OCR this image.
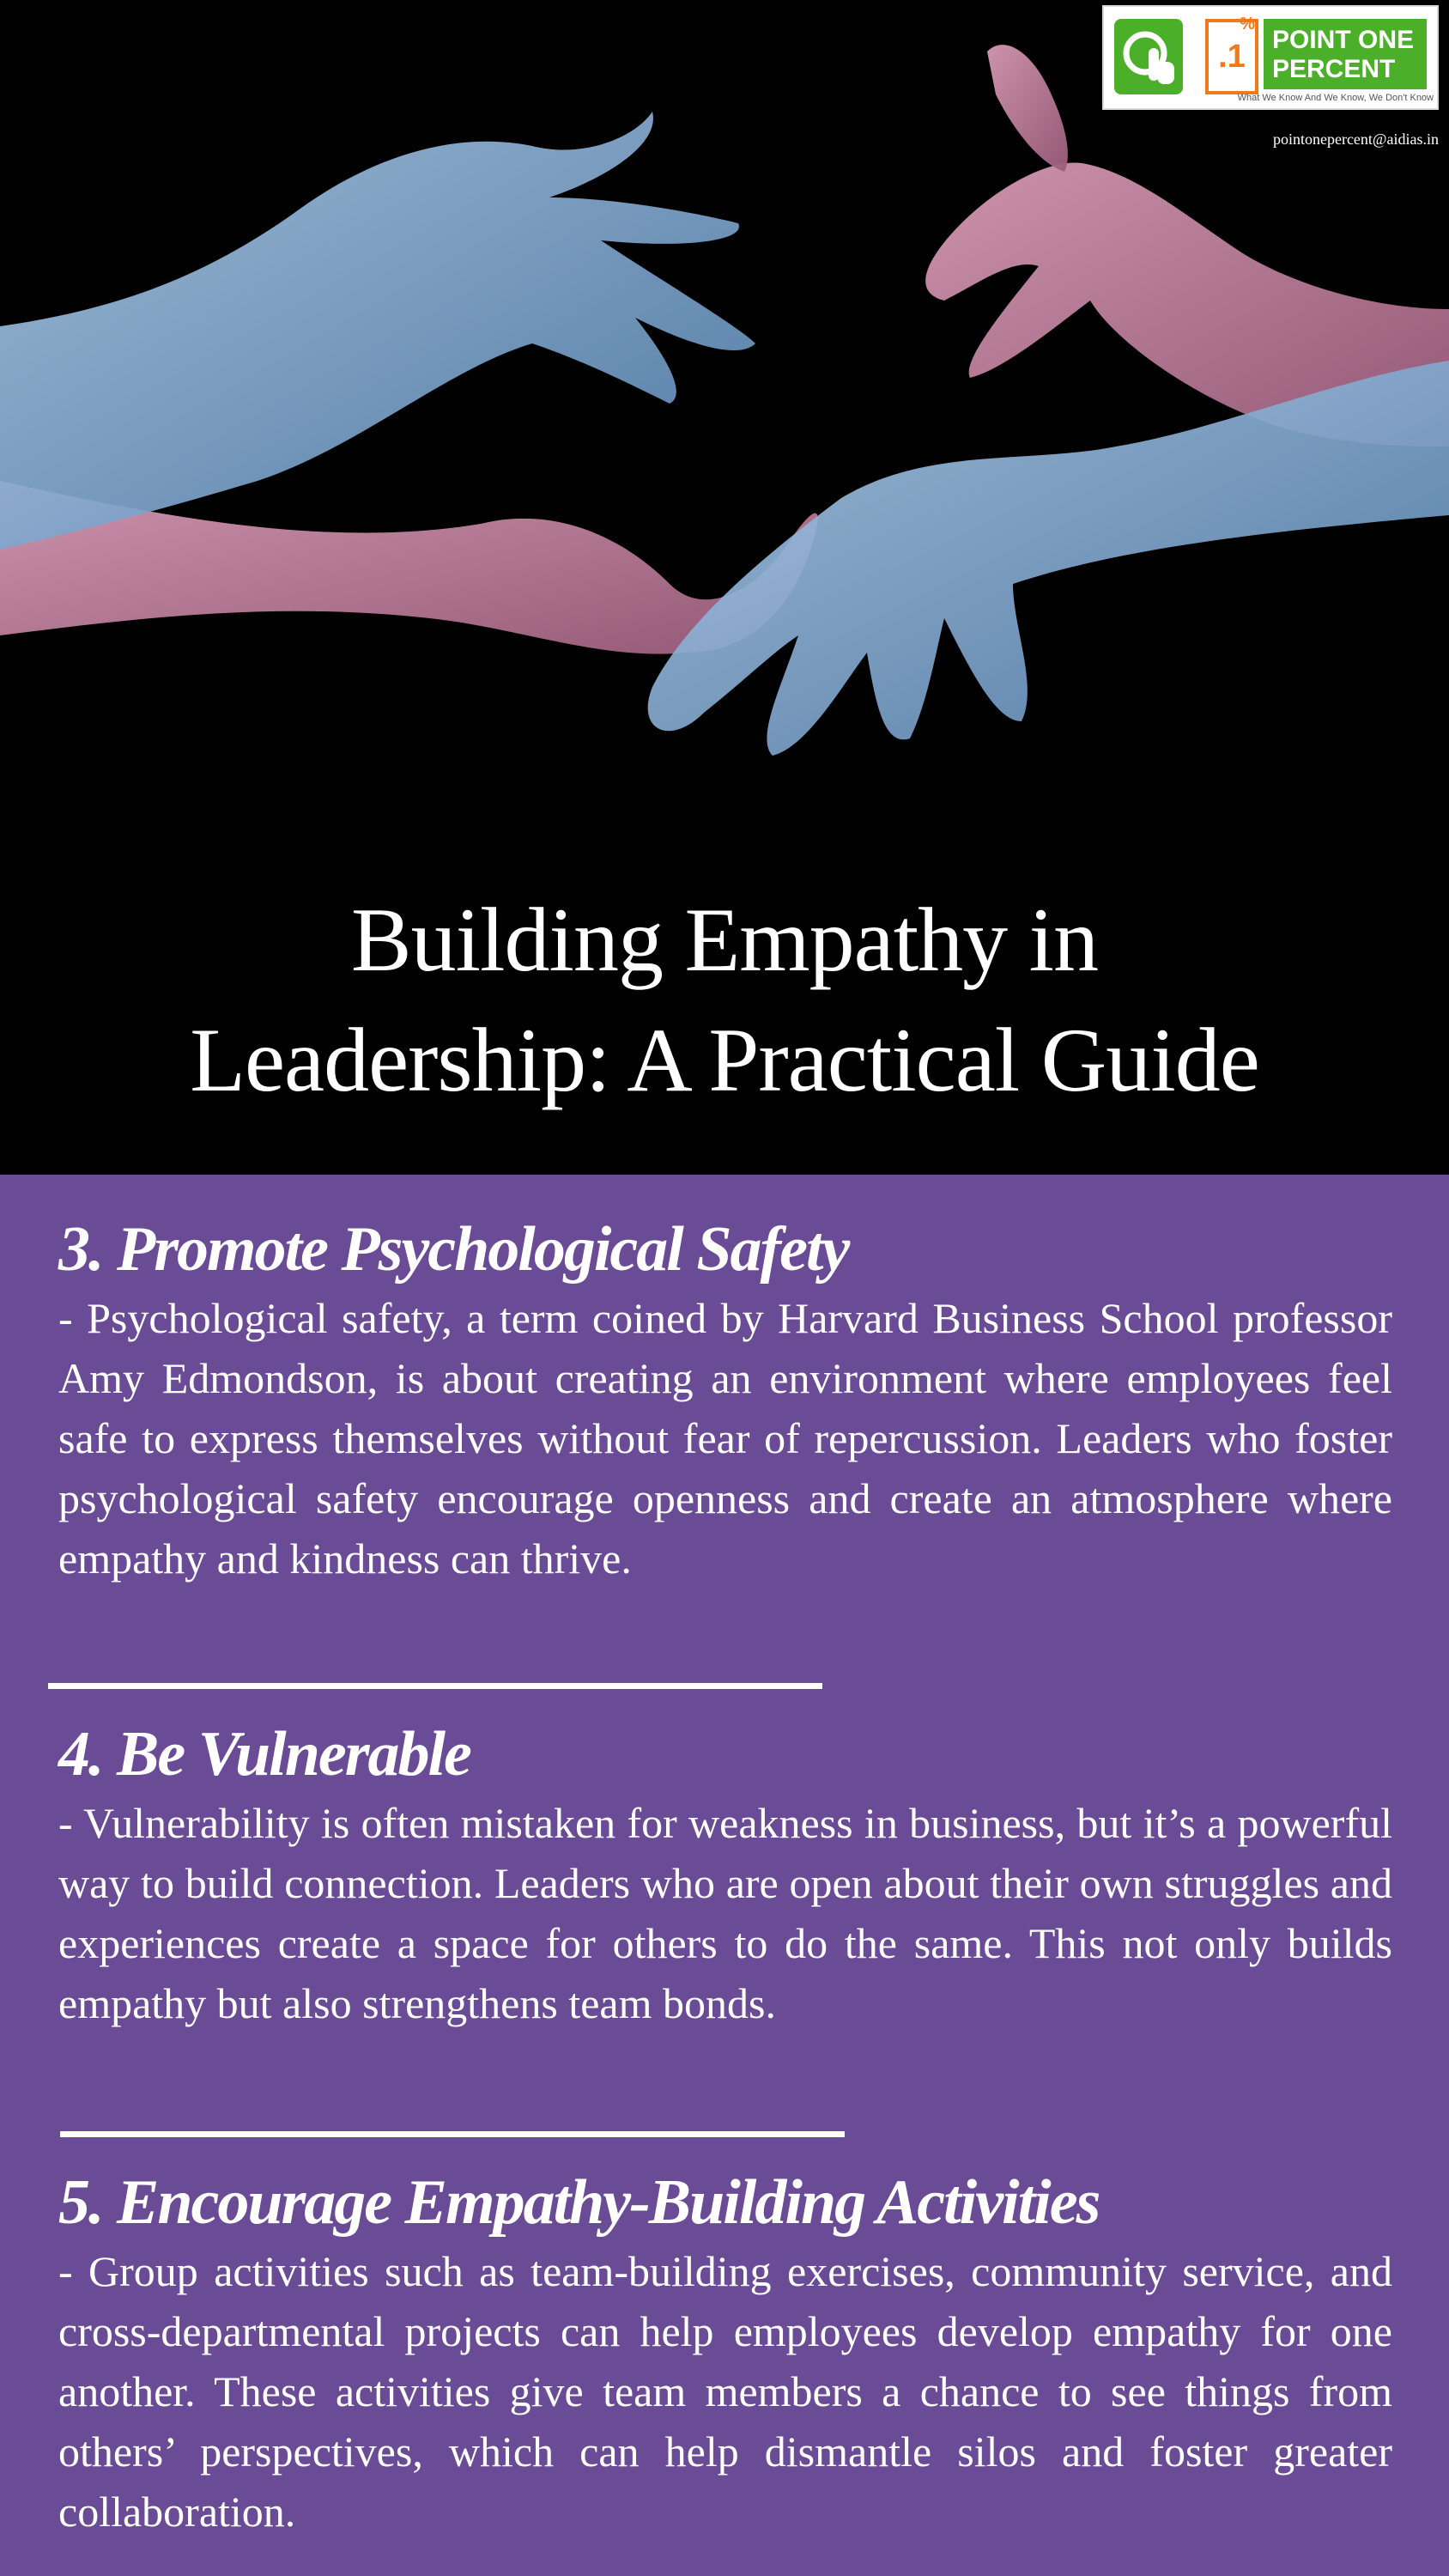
.1
%
POINT ONE
PERCENT
What We Know And We Know, We Don't Know
pointonepercent@aidias.in
Building Empathy in
Leadership: A Practical Guide
3. Promote Psychological Safety

- Psychological safety, a term coined by Harvard Business School professor Amy Edmondson, is about creating an environment where employees feel safe to express themselves without fear of repercussion. Leaders who foster psychological safety encourage openness and create an atmosphere where empathy and kindness can thrive.

4. Be Vulnerable

- Vulnerability is often mistaken for weakness in business, but it’s a powerful way to build connection. Leaders who are open about their own struggles and experiences create a space for others to do the same. This not only builds empathy but also strengthens team bonds.

5. Encourage Empathy-Building Activities

- Group activities such as team-building exercises, community service, and cross-departmental projects can help employees develop empathy for one another. These activities give team members a chance to see things from others’ perspectives, which can help dismantle silos and foster greater collaboration.
